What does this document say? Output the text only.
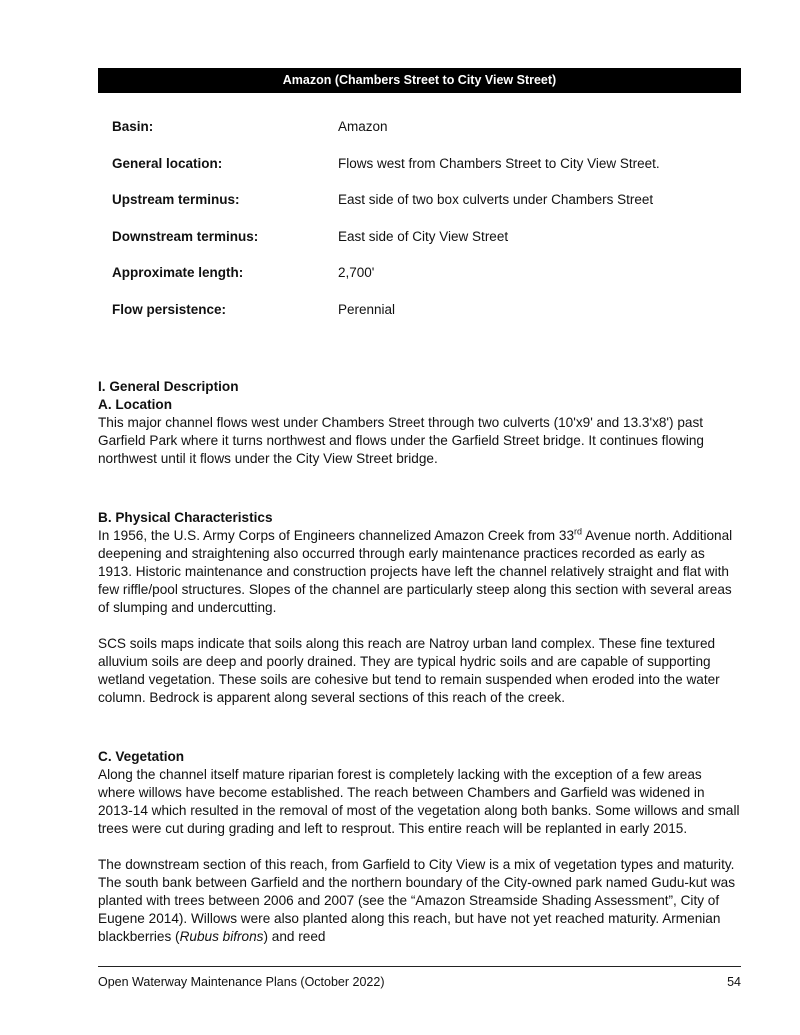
Amazon (Chambers Street to City View Street)
Basin:	Amazon
General location:	Flows west from Chambers Street to City View Street.
Upstream terminus:	East side of two box culverts under Chambers Street
Downstream terminus:	East side of City View Street
Approximate length:	2,700'
Flow persistence:	Perennial
I. General Description
A. Location

This major channel flows west under Chambers Street through two culverts (10'x9' and 13.3'x8') past Garfield Park where it turns northwest and flows under the Garfield Street bridge. It continues flowing northwest until it flows under the City View Street bridge.

B. Physical Characteristics

In 1956, the U.S. Army Corps of Engineers channelized Amazon Creek from 33rd Avenue north. Additional deepening and straightening also occurred through early maintenance practices recorded as early as 1913. Historic maintenance and construction projects have left the channel relatively straight and flat with few riffle/pool structures. Slopes of the channel are particularly steep along this section with several areas of slumping and undercutting.

SCS soils maps indicate that soils along this reach are Natroy urban land complex. These fine textured alluvium soils are deep and poorly drained. They are typical hydric soils and are capable of supporting wetland vegetation. These soils are cohesive but tend to remain suspended when eroded into the water column. Bedrock is apparent along several sections of this reach of the creek.

C. Vegetation

Along the channel itself mature riparian forest is completely lacking with the exception of a few areas where willows have become established. The reach between Chambers and Garfield was widened in 2013-14 which resulted in the removal of most of the vegetation along both banks. Some willows and small trees were cut during grading and left to resprout. This entire reach will be replanted in early 2015.

The downstream section of this reach, from Garfield to City View is a mix of vegetation types and maturity. The south bank between Garfield and the northern boundary of the City-owned park named Gudu-kut was planted with trees between 2006 and 2007 (see the “Amazon Streamside Shading Assessment”, City of Eugene 2014). Willows were also planted along this reach, but have not yet reached maturity. Armenian blackberries (Rubus bifrons) and reed

Open Waterway Maintenance Plans (October 2022)	54
